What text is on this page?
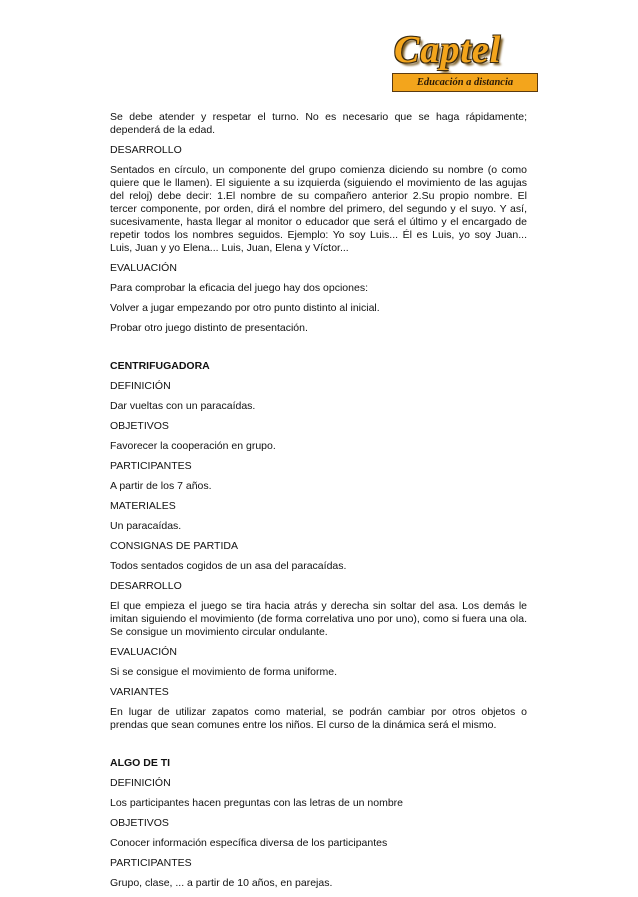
Captel
Educación a distancia

Se debe atender y respetar el turno. No es necesario que se haga rápidamente; dependerá de la edad.

DESARROLLO

Sentados en círculo, un componente del grupo comienza diciendo su nombre (o como quiere que le llamen). El siguiente a su izquierda (siguiendo el movimiento de las agujas del reloj) debe decir: 1.El nombre de su compañero anterior 2.Su propio nombre. El tercer componente, por orden, dirá el nombre del primero, del segundo y el suyo. Y así, sucesivamente, hasta llegar al monitor o educador que será el último y el encargado de repetir todos los nombres seguidos. Ejemplo: Yo soy Luis... Él es Luis, yo soy Juan... Luis, Juan y yo Elena... Luis, Juan, Elena y Víctor...

EVALUACIÓN

Para comprobar la eficacia del juego hay dos opciones:

Volver a jugar empezando por otro punto distinto al inicial.

Probar otro juego distinto de presentación.

CENTRIFUGADORA

DEFINICIÓN

Dar vueltas con un paracaídas.

OBJETIVOS

Favorecer la cooperación en grupo.

PARTICIPANTES

A partir de los 7 años.

MATERIALES

Un paracaídas.

CONSIGNAS DE PARTIDA

Todos sentados cogidos de un asa del paracaídas.

DESARROLLO

El que empieza el juego se tira hacia atrás y derecha sin soltar del asa. Los demás le imitan siguiendo el movimiento (de forma correlativa uno por uno), como si fuera una ola. Se consigue un movimiento circular ondulante.

EVALUACIÓN

Si se consigue el movimiento de forma uniforme.

VARIANTES

En lugar de utilizar zapatos como material, se podrán cambiar por otros objetos o prendas que sean comunes entre los niños. El curso de la dinámica será el mismo.

ALGO DE TI

DEFINICIÓN

Los participantes hacen preguntas con las letras de un nombre

OBJETIVOS

Conocer información específica diversa de los participantes

PARTICIPANTES

Grupo, clase, ... a partir de 10 años, en parejas.
